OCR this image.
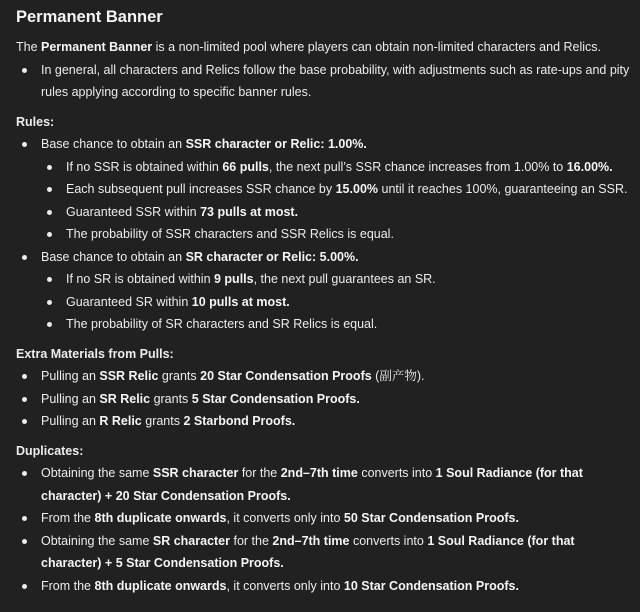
Permanent Banner

The Permanent Banner is a non-limited pool where players can obtain non-limited characters and Relics.

In general, all characters and Relics follow the base probability, with adjustments such as rate-ups and pity rules applying according to specific banner rules.

Rules:

Base chance to obtain an SSR character or Relic: 1.00%.
If no SSR is obtained within 66 pulls, the next pull’s SSR chance increases from 1.00% to 16.00%.
Each subsequent pull increases SSR chance by 15.00% until it reaches 100%, guaranteeing an SSR.
Guaranteed SSR within 73 pulls at most.
The probability of SSR characters and SSR Relics is equal.
Base chance to obtain an SR character or Relic: 5.00%.
If no SR is obtained within 9 pulls, the next pull guarantees an SR.
Guaranteed SR within 10 pulls at most.
The probability of SR characters and SR Relics is equal.

Extra Materials from Pulls:

Pulling an SSR Relic grants 20 Star Condensation Proofs (副产物).
Pulling an SR Relic grants 5 Star Condensation Proofs.
Pulling an R Relic grants 2 Starbond Proofs.

Duplicates:

Obtaining the same SSR character for the 2nd–7th time converts into 1 Soul Radiance (for that character) + 20 Star Condensation Proofs.
From the 8th duplicate onwards, it converts only into 50 Star Condensation Proofs.
Obtaining the same SR character for the 2nd–7th time converts into 1 Soul Radiance (for that character) + 5 Star Condensation Proofs.
From the 8th duplicate onwards, it converts only into 10 Star Condensation Proofs.
